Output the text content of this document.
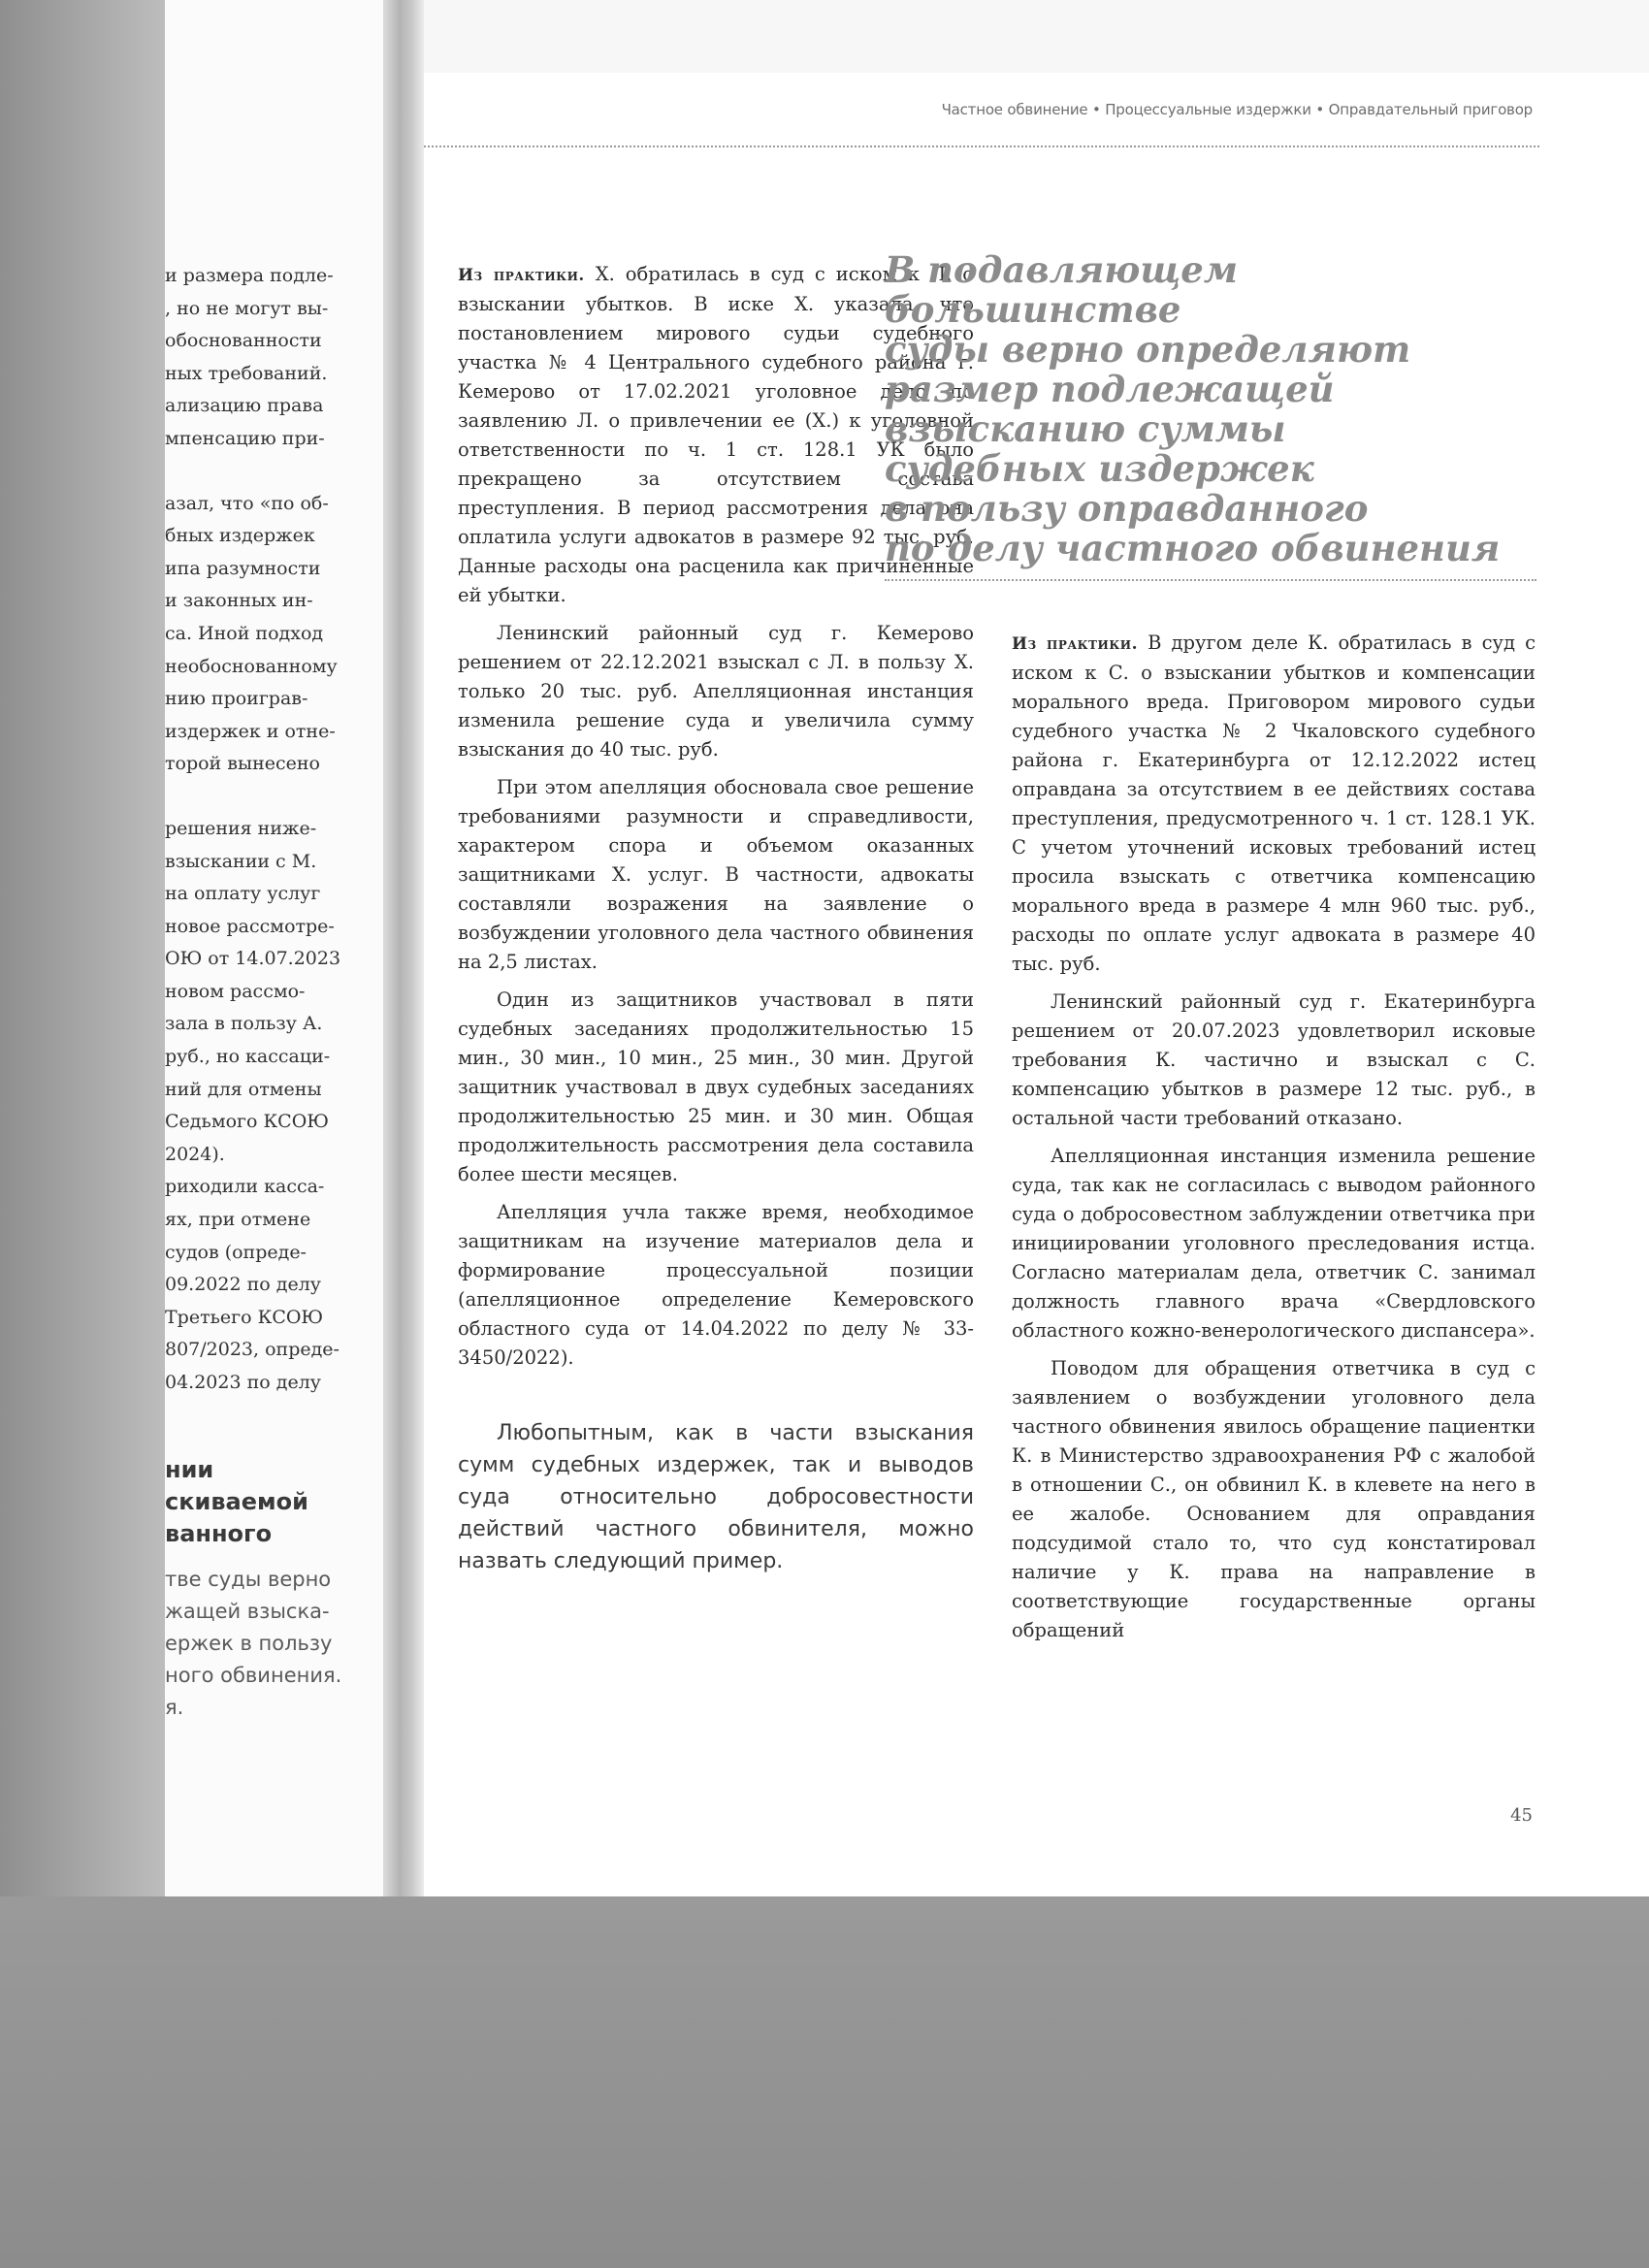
Частное обвинение • Процессуальные издержки • Оправдательный приговор
и размера подле-
, но не могут вы-
обоснованности
ных требований.
ализацию права
мпенсацию при-
азал, что «по об-
бных издержек
ипа разумности
и законных ин-
са. Иной подход
необоснованному
нию проиграв-
издержек и отне-
торой вынесено
решения ниже-
взыскании с М.
на оплату услуг
новое рассмотре-
ОЮ от 14.07.2023
новом рассмо-
зала в пользу А.
руб., но кассаци-
ний для отмены
Седьмого КСОЮ
2024).
риходили касса-
ях, при отмене
судов (опреде-
09.2022 по делу
Третьего КСОЮ
807/2023, опреде-
04.2023 по делу
нии
скиваемой
ванного
тве суды верно
жащей взыска-
ержек в пользу
ного обвинения.
я.

Из практики. Х. обратилась в суд с иском к Л. о взыскании убытков. В иске Х. указала, что постановлением мирового судьи судебного участка № 4 Центрального судебного района г. Кемерово от 17.02.2021 уголовное дело по заявлению Л. о привлечении ее (Х.) к уголовной ответственности по ч. 1 ст. 128.1 УК было прекращено за отсутствием состава преступления. В период рассмотрения дела она оплатила услуги адвокатов в размере 92 тыс. руб. Данные расходы она расценила как причиненные ей убытки.

Ленинский районный суд г. Кемерово решением от 22.12.2021 взыскал с Л. в пользу Х. только 20 тыс. руб. Апелляционная инстанция изменила решение суда и увеличила сумму взыскания до 40 тыс. руб.

При этом апелляция обосновала свое решение требованиями разумности и справедливости, характером спора и объемом оказанных защитниками Х. услуг. В частности, адвокаты составляли возражения на заявление о возбуждении уголовного дела частного обвинения на 2,5 листах.

Один из защитников участвовал в пяти судебных заседаниях продолжительностью 15 мин., 30 мин., 10 мин., 25 мин., 30 мин. Другой защитник участвовал в двух судебных заседаниях продолжительностью 25 мин. и 30 мин. Общая продолжительность рассмотрения дела составила более шести месяцев.

Апелляция учла также время, необходимое защитникам на изучение материалов дела и формирование процессуальной позиции (апелляционное определение Кемеровского областного суда от 14.04.2022 по делу № 33-3450/2022).

Любопытным, как в части взыскания сумм судебных издержек, так и выводов суда относительно добросовестности действий частного обвинителя, можно назвать следующий пример.
В подавляющем большинстве
суды верно определяют
размер подлежащей
взысканию суммы
судебных издержек
в пользу оправданного
по делу частного обвинения

Из практики. В другом деле К. обратилась в суд с иском к С. о взыскании убытков и компенсации морального вреда. Приговором мирового судьи судебного участка № 2 Чкаловского судебного района г. Екатеринбурга от 12.12.2022 истец оправдана за отсутствием в ее действиях состава преступления, предусмотренного ч. 1 ст. 128.1 УК. С учетом уточнений исковых требований истец просила взыскать с ответчика компенсацию морального вреда в размере 4 млн 960 тыс. руб., расходы по оплате услуг адвоката в размере 40 тыс. руб.

Ленинский районный суд г. Екатеринбурга решением от 20.07.2023 удовлетворил исковые требования К. частично и взыскал с С. компенсацию убытков в размере 12 тыс. руб., в остальной части требований отказано.

Апелляционная инстанция изменила решение суда, так как не согласилась с выводом районного суда о добросовестном заблуждении ответчика при инициировании уголовного преследования истца. Согласно материалам дела, ответчик С. занимал должность главного врача «Свердловского областного кожно-венерологического диспансера».

Поводом для обращения ответчика в суд с заявлением о возбуждении уголовного дела частного обвинения явилось обращение пациентки К. в Министерство здравоохранения РФ с жалобой в отношении С., он обвинил К. в клевете на него в ее жалобе. Основанием для оправдания подсудимой стало то, что суд констатировал наличие у К. права на направление в соответствующие государственные органы обращений

45
